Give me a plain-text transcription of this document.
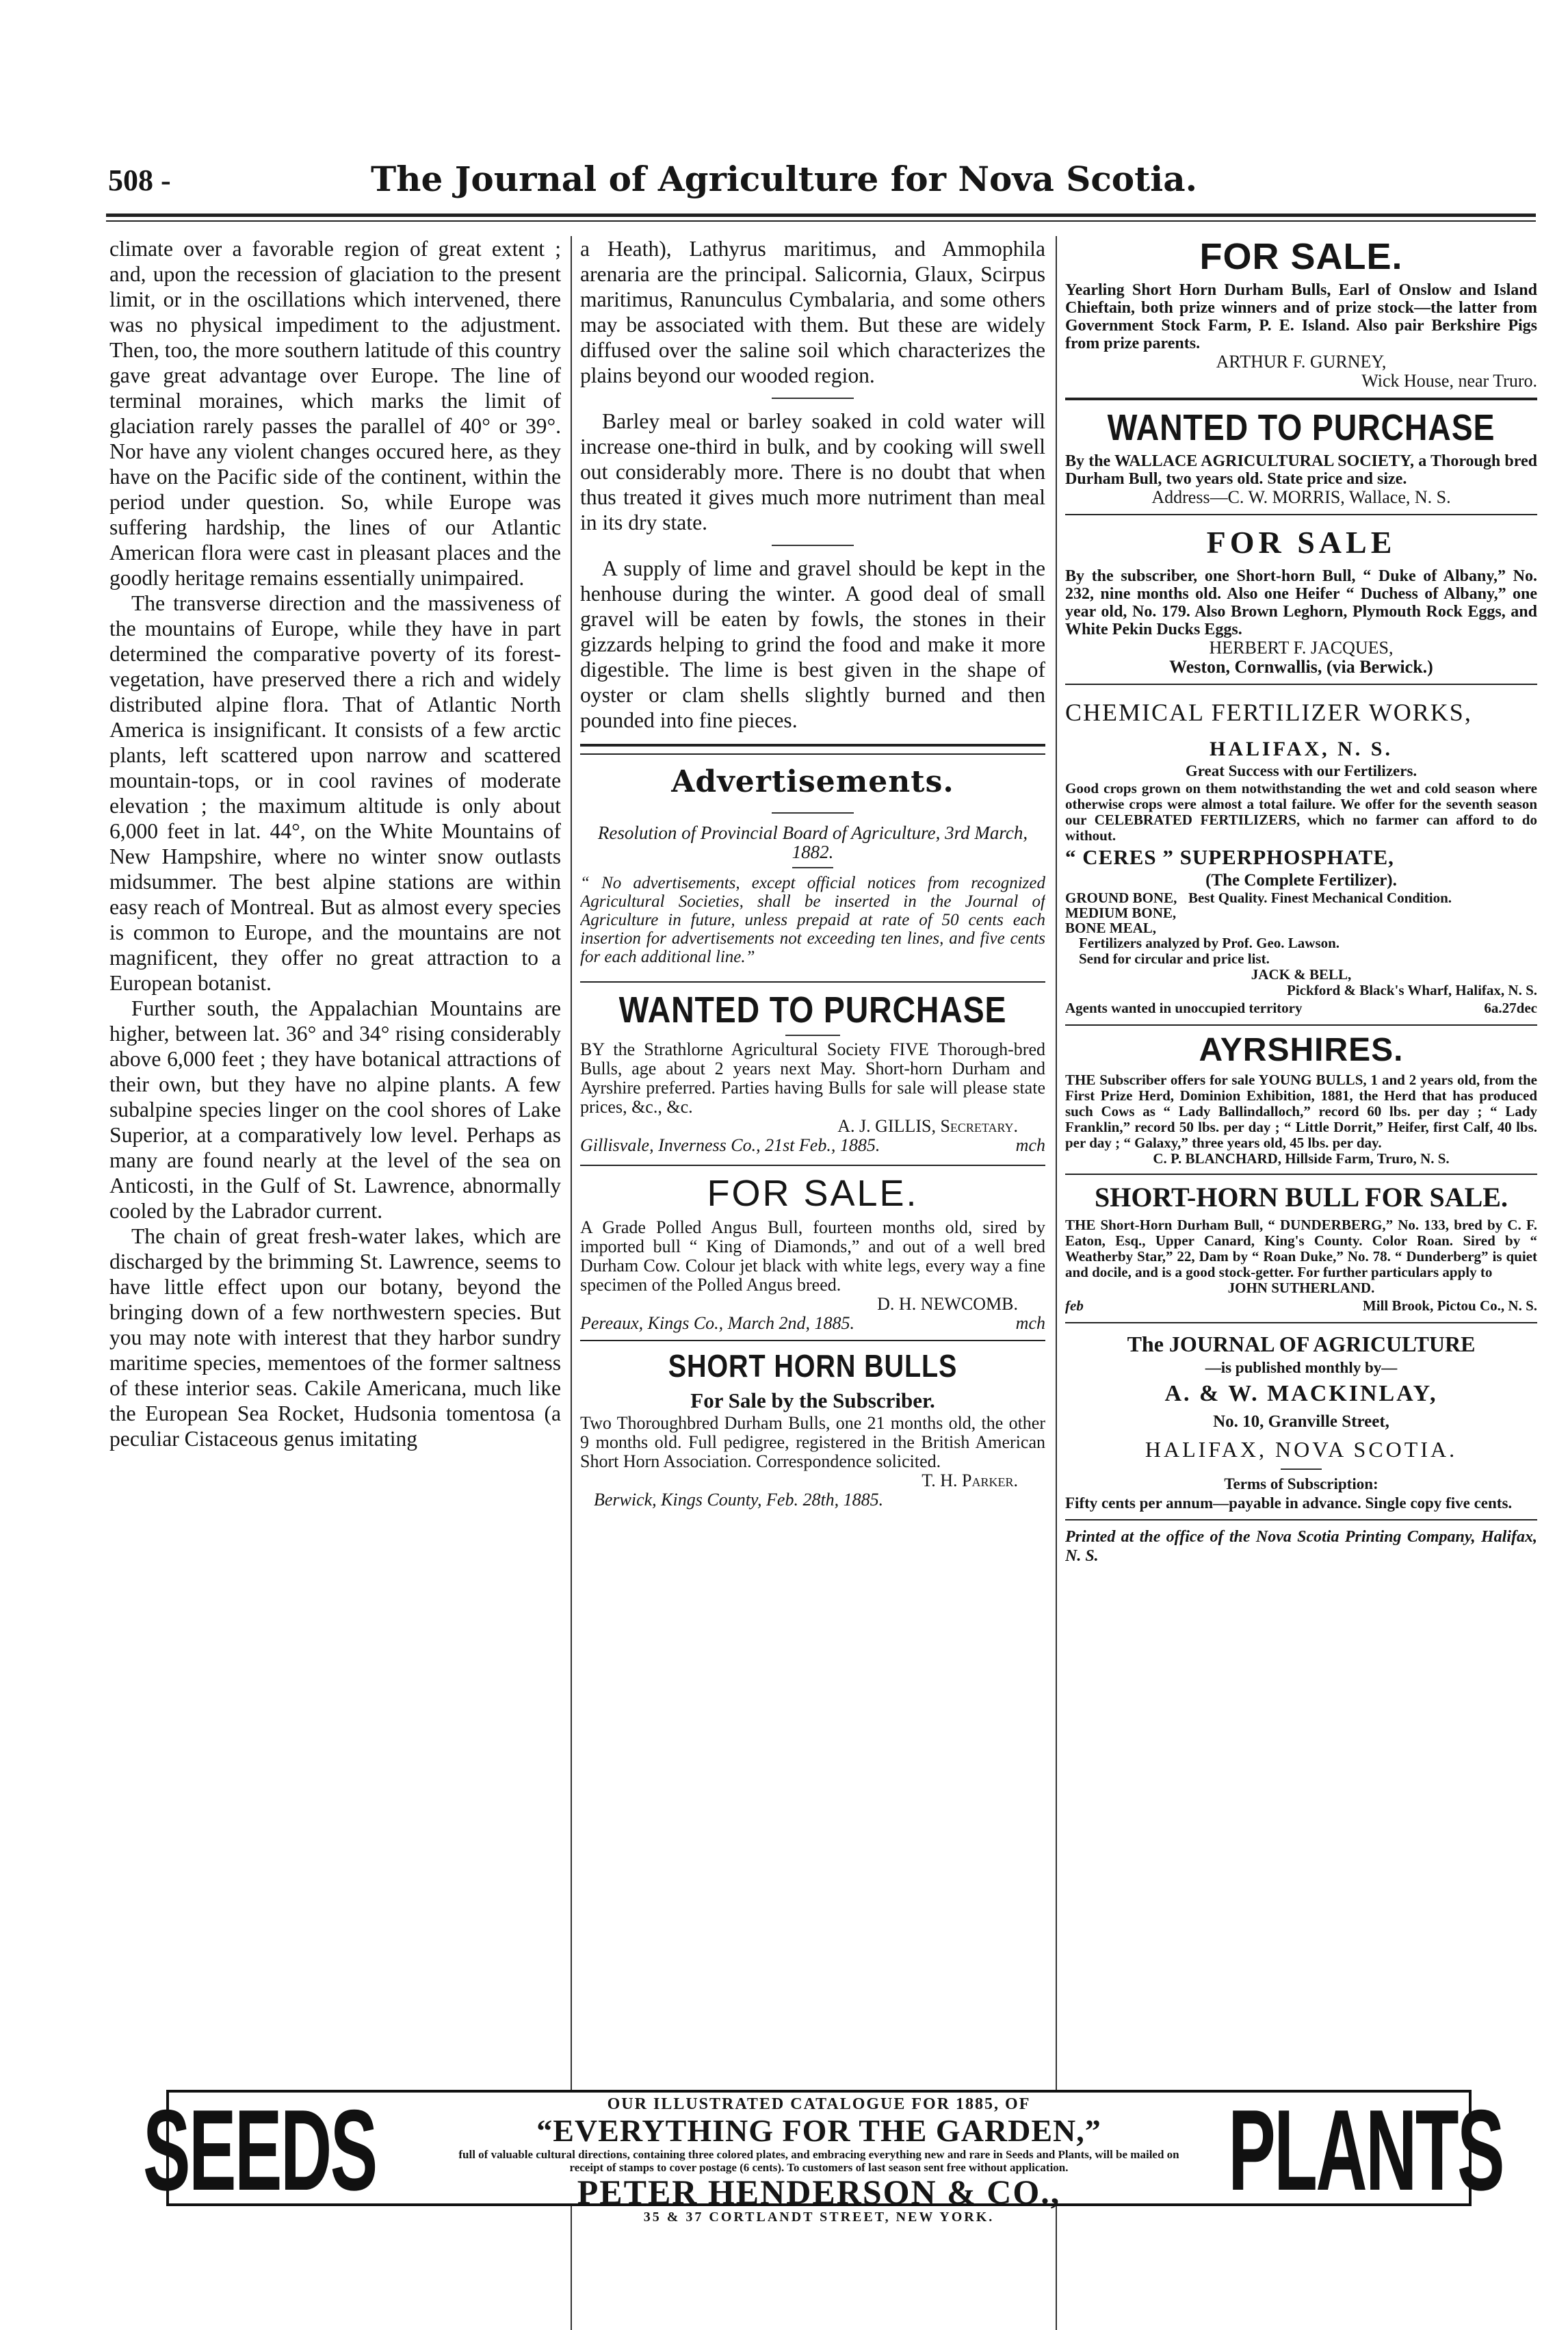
508 -	The Journal of Agriculture for Nova Scotia.

climate over a favorable region of great extent ; and, upon the recession of glaciation to the present limit, or in the oscillations which intervened, there was no physical impediment to the adjustment. Then, too, the more southern latitude of this country gave great advantage over Europe. The line of terminal moraines, which marks the limit of glaciation rarely passes the parallel of 40° or 39°. Nor have any violent changes occured here, as they have on the Pacific side of the continent, within the period under question. So, while Europe was suffering hardship, the lines of our Atlantic American flora were cast in pleasant places and the goodly heritage remains essentially unimpaired.

The transverse direction and the massiveness of the mountains of Europe, while they have in part determined the comparative poverty of its forest-vegetation, have preserved there a rich and widely distributed alpine flora. That of Atlantic North America is insignificant. It consists of a few arctic plants, left scattered upon narrow and scattered mountain-tops, or in cool ravines of moderate elevation ; the maximum altitude is only about 6,000 feet in lat. 44°, on the White Mountains of New Hampshire, where no winter snow outlasts midsummer. The best alpine stations are within easy reach of Montreal. But as almost every species is common to Europe, and the mountains are not magnificent, they offer no great attraction to a European botanist.

Further south, the Appalachian Mountains are higher, between lat. 36° and 34° rising considerably above 6,000 feet ; they have botanical attractions of their own, but they have no alpine plants. A few subalpine species linger on the cool shores of Lake Superior, at a comparatively low level. Perhaps as many are found nearly at the level of the sea on Anticosti, in the Gulf of St. Lawrence, abnormally cooled by the Labrador current.

The chain of great fresh-water lakes, which are discharged by the brimming St. Lawrence, seems to have little effect upon our botany, beyond the bringing down of a few northwestern species. But you may note with interest that they harbor sundry maritime species, mementoes of the former saltness of these interior seas. Cakile Americana, much like the European Sea Rocket, Hudsonia tomentosa (a peculiar Cistaceous genus imitating

a Heath), Lathyrus maritimus, and Ammophila arenaria are the principal. Salicornia, Glaux, Scirpus maritimus, Ranunculus Cymbalaria, and some others may be associated with them. But these are widely diffused over the saline soil which characterizes the plains beyond our wooded region.

Barley meal or barley soaked in cold water will increase one-third in bulk, and by cooking will swell out considerably more. There is no doubt that when thus treated it gives much more nutriment than meal in its dry state.

A supply of lime and gravel should be kept in the henhouse during the winter. A good deal of small gravel will be eaten by fowls, the stones in their gizzards helping to grind the food and make it more digestible. The lime is best given in the shape of oyster or clam shells slightly burned and then pounded into fine pieces.

Advertisements.

Resolution of Provincial Board of Agriculture, 3rd March, 1882.

“ No advertisements, except official notices from recognized Agricultural Societies, shall be inserted in the Journal of Agriculture in future, unless prepaid at rate of 50 cents each insertion for advertisements not exceeding ten lines, and five cents for each additional line.”

WANTED TO PURCHASE

BY the Strathlorne Agricultural Society FIVE Thorough-bred Bulls, age about 2 years next May. Short-horn Durham and Ayrshire preferred. Parties having Bulls for sale will please state prices, &c., &c.

A. J. GILLIS, Secretary.

Gillisvale, Inverness Co., 21st Feb., 1885.	mch
FOR SALE.

A Grade Polled Angus Bull, fourteen months old, sired by imported bull “ King of Diamonds,” and out of a well bred Durham Cow. Colour jet black with white legs, every way a fine specimen of the Polled Angus breed.

D. H. NEWCOMB.

Pereaux, Kings Co., March 2nd, 1885.	mch
SHORT HORN BULLS

For Sale by the Subscriber.

Two Thoroughbred Durham Bulls, one 21 months old, the other 9 months old. Full pedigree, registered in the British American Short Horn Association. Correspondence solicited.

T. H. Parker.

Berwick, Kings County, Feb. 28th, 1885.

FOR SALE.

Yearling Short Horn Durham Bulls, Earl of Onslow and Island Chieftain, both prize winners and of prize stock—the latter from Government Stock Farm, P. E. Island. Also pair Berkshire Pigs from prize parents.

ARTHUR F. GURNEY,

Wick House, near Truro.

WANTED TO PURCHASE

By the WALLACE AGRICULTURAL SOCIETY, a Thorough bred Durham Bull, two years old. State price and size.

Address—C. W. MORRIS, Wallace, N. S.

FOR SALE

By the subscriber, one Short-horn Bull, “ Duke of Albany,” No. 232, nine months old. Also one Heifer “ Duchess of Albany,” one year old, No. 179. Also Brown Leghorn, Plymouth Rock Eggs, and White Pekin Ducks Eggs.

HERBERT F. JACQUES,

Weston, Cornwallis, (via Berwick.)

CHEMICAL FERTILIZER WORKS,

HALIFAX, N. S.

Great Success with our Fertilizers.

Good crops grown on them notwithstanding the wet and cold season where otherwise crops were almost a total failure. We offer for the seventh season our CELEBRATED FERTILIZERS, which no farmer can afford to do without.

“ CERES ” SUPERPHOSPHATE,

(The Complete Fertilizer).

GROUND BONE, MEDIUM BONE, BONE MEAL,
Best Quality. Finest Mechanical Condition.

Fertilizers analyzed by Prof. Geo. Lawson.

Send for circular and price list.

JACK & BELL,

Pickford & Black's Wharf, Halifax, N. S.

Agents wanted in unoccupied territory	6a.27dec
AYRSHIRES.

THE Subscriber offers for sale YOUNG BULLS, 1 and 2 years old, from the First Prize Herd, Dominion Exhibition, 1881, the Herd that has produced such Cows as “ Lady Ballindalloch,” record 60 lbs. per day ; “ Lady Franklin,” record 50 lbs. per day ; “ Little Dorrit,” Heifer, first Calf, 40 lbs. per day ; “ Galaxy,” three years old, 45 lbs. per day.

C. P. BLANCHARD, Hillside Farm, Truro, N. S.

SHORT-HORN BULL FOR SALE.

THE Short-Horn Durham Bull, “ DUNDERBERG,” No. 133, bred by C. F. Eaton, Esq., Upper Canard, King's County. Color Roan. Sired by “ Weatherby Star,” 22, Dam by “ Roan Duke,” No. 78. “ Dunderberg” is quiet and docile, and is a good stock-getter. For further particulars apply to

JOHN SUTHERLAND.

feb	Mill Brook, Pictou Co., N. S.

The JOURNAL OF AGRICULTURE

—is published monthly by—

A. & W. MACKINLAY,

No. 10, Granville Street,

HALIFAX, NOVA SCOTIA.

Terms of Subscription:

Fifty cents per annum—payable in advance. Single copy five cents.

Printed at the office of the Nova Scotia Printing Company, Halifax, N. S.

SEEDS	OUR ILLUSTRATED CATALOGUE FOR 1885, OF
“EVERYTHING FOR THE GARDEN,”
full of valuable cultural directions, containing three colored plates, and embracing everything new and rare in Seeds and Plants, will be mailed on receipt of stamps to cover postage (6 cents). To customers of last season sent free without application.
PETER HENDERSON & CO.,
35 & 37 CORTLANDT STREET, NEW YORK.
PLANTS
